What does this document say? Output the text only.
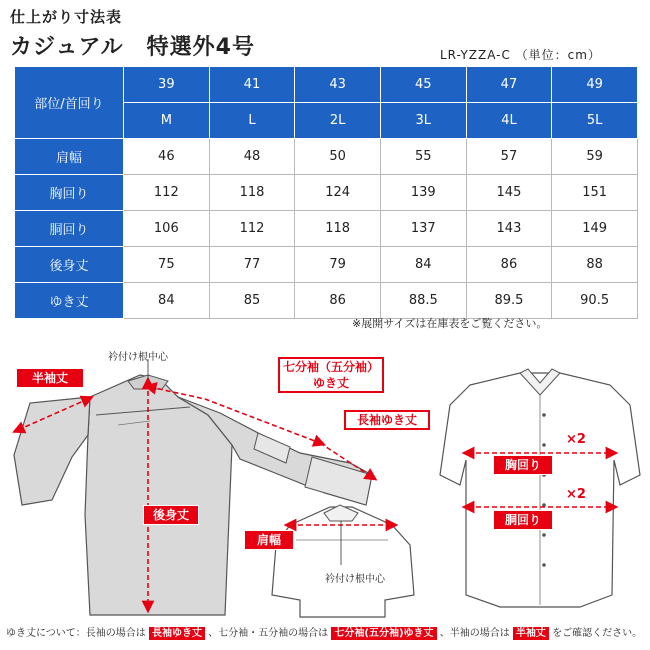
仕上がり寸法表
カジュアル　特選外4号	LR-YZZA-C （単位：cm）
部位/首回り	39	41	43	45	47	49
	M	L	2L	3L	4L	5L
肩幅	46	48	50	55	57	59
胸回り	112	118	124	139	145	151
胴回り	106	112	118	137	143	149
後身丈	75	77	79	84	86	88
ゆき丈	84	85	86	88.5	89.5	90.5
※展開サイズは在庫表をご覧ください。
衿付け根中心
半袖丈
七分袖（五分袖）
ゆき丈
長袖ゆき丈
後身丈
肩幅
衿付け根中心
胸回り
胴回り
×2
×2
ゆき丈について：長袖の場合は 長袖ゆき丈 、七分袖・五分袖の場合は 七分袖(五分袖)ゆき丈 、半袖の場合は 半袖丈 をご確認ください。
